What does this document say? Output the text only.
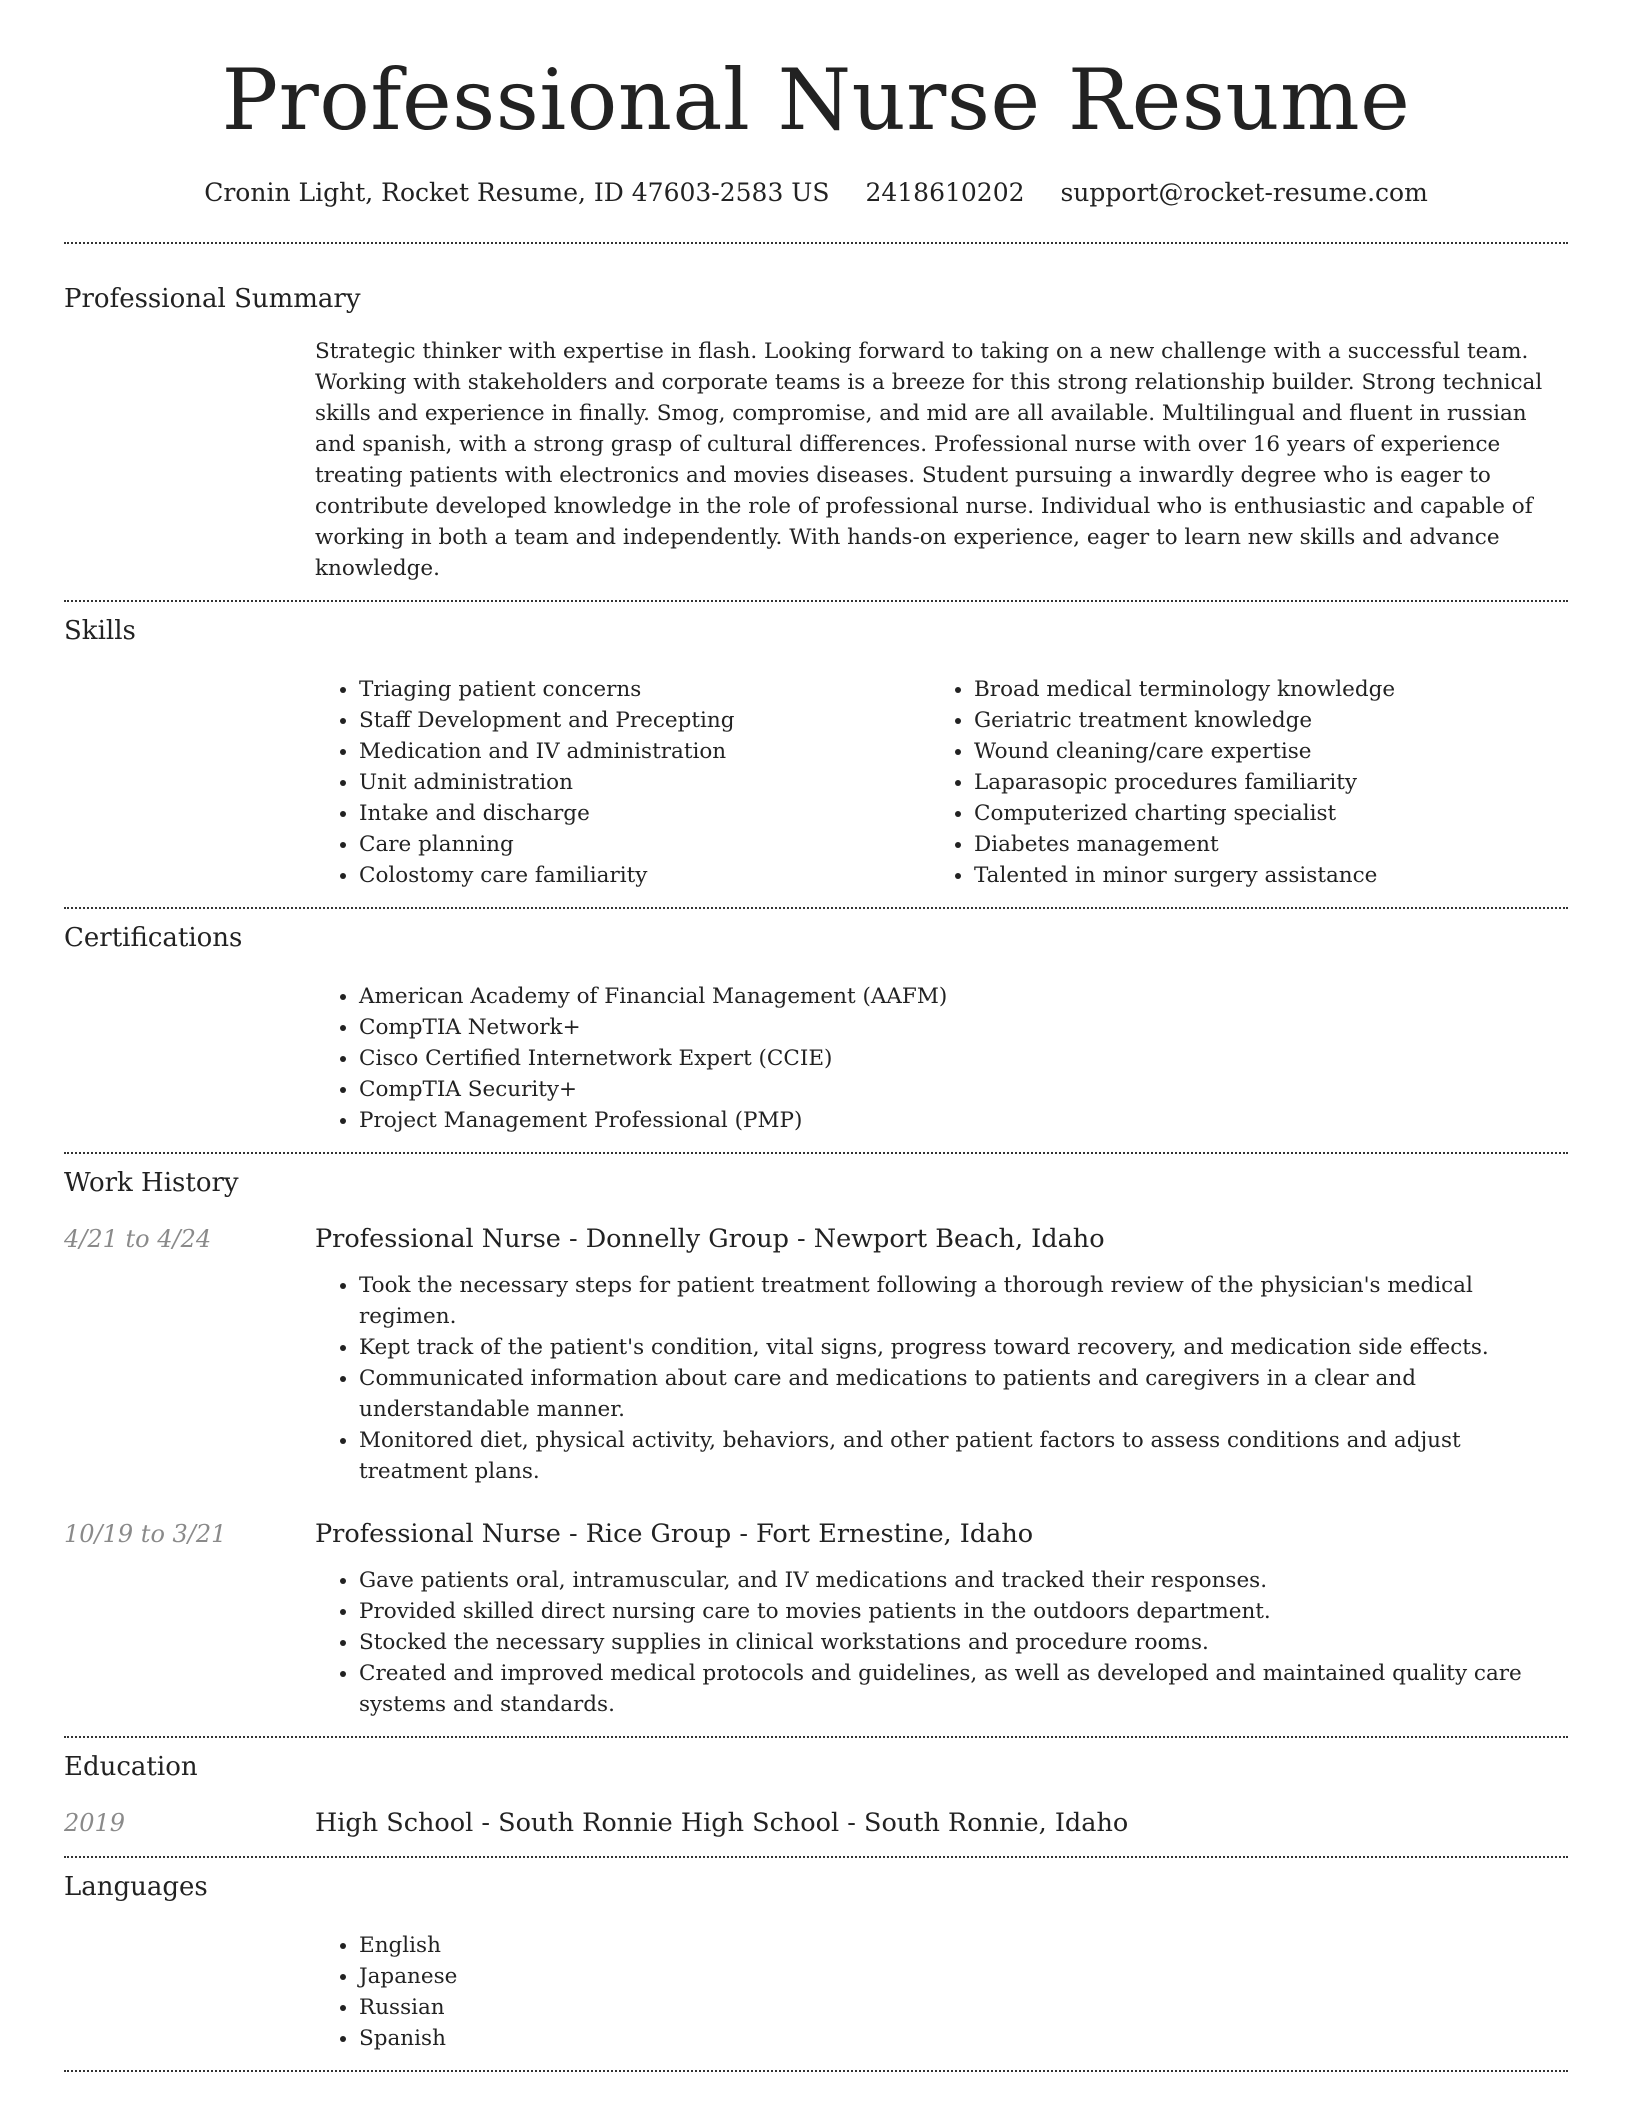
Professional Nurse Resume
Cronin Light, Rocket Resume, ID 47603-2583 US 2418610202 support@rocket-resume.com
Professional Summary

Strategic thinker with expertise in flash. Looking forward to taking on a new challenge with a successful team. Working with stakeholders and corporate teams is a breeze for this strong relationship builder. Strong technical skills and experience in finally. Smog, compromise, and mid are all available. Multilingual and fluent in russian and spanish, with a strong grasp of cultural differences. Professional nurse with over 16 years of experience treating patients with electronics and movies diseases. Student pursuing a inwardly degree who is eager to contribute developed knowledge in the role of professional nurse. Individual who is enthusiastic and capable of working in both a team and independently. With hands-on experience, eager to learn new skills and advance knowledge.

Skills
• Triaging patient concerns
• Staff Development and Precepting
• Medication and IV administration
• Unit administration
• Intake and discharge
• Care planning
• Colostomy care familiarity
• Broad medical terminology knowledge
• Geriatric treatment knowledge
• Wound cleaning/care expertise
• Laparasopic procedures familiarity
• Computerized charting specialist
• Diabetes management
• Talented in minor surgery assistance
Certifications
• American Academy of Financial Management (AAFM)
• CompTIA Network+
• Cisco Certified Internetwork Expert (CCIE)
• CompTIA Security+
• Project Management Professional (PMP)
Work History
4/21 to 4/24	Professional Nurse - Donnelly Group - Newport Beach, Idaho
• Took the necessary steps for patient treatment following a thorough review of the physician's medical regimen.
• Kept track of the patient's condition, vital signs, progress toward recovery, and medication side effects.
• Communicated information about care and medications to patients and caregivers in a clear and understandable manner.
• Monitored diet, physical activity, behaviors, and other patient factors to assess conditions and adjust treatment plans.
10/19 to 3/21	Professional Nurse - Rice Group - Fort Ernestine, Idaho
• Gave patients oral, intramuscular, and IV medications and tracked their responses.
• Provided skilled direct nursing care to movies patients in the outdoors department.
• Stocked the necessary supplies in clinical workstations and procedure rooms.
• Created and improved medical protocols and guidelines, as well as developed and maintained quality care systems and standards.
Education
2019	High School - South Ronnie High School - South Ronnie, Idaho
Languages
• English
• Japanese
• Russian
• Spanish
